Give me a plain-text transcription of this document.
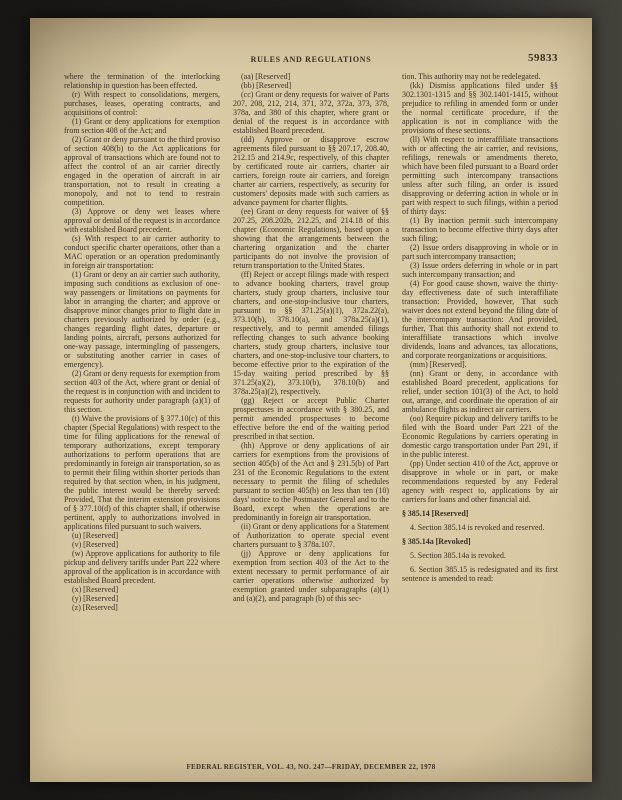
RULES AND REGULATIONS	59833

where the termination of the interlocking relationship in question has been effected.

(r) With respect to consolidations, mergers, purchases, leases, operating contracts, and acquisitions of control:

(1) Grant or deny applications for exemption from section 408 of the Act; and

(2) Grant or deny pursuant to the third proviso of section 408(b) to the Act applications for approval of transactions which are found not to affect the control of an air carrier directly engaged in the operation of aircraft in air transportation, not to result in creating a monopoly, and not to tend to restrain competition.

(3) Approve or deny wet leases where approval or denial of the request is in accordance with established Board precedent.

(s) With respect to air carrier authority to conduct specific charter operations, other than a MAC operation or an operation predominantly in foreign air transportation:

(1) Grant or deny an air carrier such authority, imposing such conditions as exclusion of one-way passengers or limitations on payments for labor in arranging the charter; and approve or disapprove minor changes prior to flight date in charters previously authorized by order (e.g., changes regarding flight dates, departure or landing points, aircraft, persons authorized for one-way passage, intermingling of passengers, or substituting another carrier in cases of emergency).

(2) Grant or deny requests for exemption from section 403 of the Act, where grant or denial of the request is in conjunction with and incident to requests for authority under paragraph (a)(1) of this section.

(t) Waive the provisions of § 377.10(c) of this chapter (Special Regulations) with respect to the time for filing applications for the renewal of temporary authorizations, except temporary authorizations to perform operations that are predominantly in foreign air transportation, so as to permit their filing within shorter periods than required by that section when, in his judgment, the public interest would be thereby served: Provided, That the interim extension provisions of § 377.10(d) of this chapter shall, if otherwise pertinent, apply to authorizations involved in applications filed pursuant to such waivers.

(u) [Reserved]

(v) [Reserved]

(w) Approve applications for authority to file pickup and delivery tariffs under Part 222 where approval of the application is in accordance with established Board precedent.

(x) [Reserved]

(y) [Reserved]

(z) [Reserved]

(aa) [Reserved]

(bb) [Reserved]

(cc) Grant or deny requests for waiver of Parts 207, 208, 212, 214, 371, 372, 372a, 373, 378, 378a, and 380 of this chapter, where grant or denial of the request is in accordance with established Board precedent.

(dd) Approve or disapprove escrow agreements filed pursuant to §§ 207.17, 208.40, 212.15 and 214.9c, respectively, of this chapter by certificated route air carriers, charter air carriers, foreign route air carriers, and foreign charter air carriers, respectively, as security for customers' deposits made with such carriers as advance payment for charter flights.

(ee) Grant or deny requests for waiver of §§ 207.25, 208.202b, 212.25, and 214.18 of this chapter (Economic Regulations), based upon a showing that the arrangements between the chartering organization and the charter participants do not involve the provision of return transportation to the United States.

(ff) Reject or accept filings made with respect to advance booking charters, travel group charters, study group charters, inclusive tour charters, and one-stop-inclusive tour charters, pursuant to §§ 371.25(a)(1), 372a.22(a), 373.10(b), 378.10(a), and 378a.25(a)(1), respectively, and to permit amended filings reflecting changes to such advance booking charters, study group charters, inclusive tour charters, and one-stop-inclusive tour charters, to become effective prior to the expiration of the 15-day waiting period prescribed by §§ 371.25(a)(2), 373.10(b), 378.10(b) and 378a.25(a)(2), respectively.

(gg) Reject or accept Public Charter prospectuses in accordance with § 380.25, and permit amended prospectuses to become effective before the end of the waiting period prescribed in that section.

(hh) Approve or deny applications of air carriers for exemptions from the provisions of section 405(b) of the Act and § 231.5(b) of Part 231 of the Economic Regulations to the extent necessary to permit the filing of schedules pursuant to section 405(b) on less than ten (10) days' notice to the Postmaster General and to the Board, except when the operations are predominantly in foreign air transportation.

(ii) Grant or deny applications for a Statement of Authorization to operate special event charters pursuant to § 378a.107.

(jj) Approve or deny applications for exemption from section 403 of the Act to the extent necessary to permit performance of air carrier operations otherwise authorized by exemption granted under subparagraphs (a)(1) and (a)(2), and paragraph (b) of this sec-

tion. This authority may not be redelegated.

(kk) Dismiss applications filed under §§ 302.1301-1315 and §§ 302.1401-1415, without prejudice to refiling in amended form or under the normal certificate procedure, if the application is not in compliance with the provisions of these sections.

(ll) With respect to interaffiliate transactions with or affecting the air carrier, and revisions, refilings, renewals or amendments thereto, which have been filed pursuant to a Board order permitting such intercompany transactions unless after such filing, an order is issued disapproving or deferring action in whole or in part with respect to such filings, within a period of thirty days:

(1) By inaction permit such intercompany transaction to become effective thirty days after such filing;

(2) Issue orders disapproving in whole or in part such intercompany transaction;

(3) Issue orders deferring in whole or in part such intercompany transaction; and

(4) For good cause shown, waive the thirty-day effectiveness date of such interaffiliate transaction: Provided, however, That such waiver does not extend beyond the filing date of the intercompany transaction: And provided, further, That this authority shall not extend to interaffiliate transactions which involve dividends, loans and advances, tax allocations, and corporate reorganizations or acquisitions.

(mm) [Reserved].

(nn) Grant or deny, in accordance with established Board precedent, applications for relief, under section 101(3) of the Act, to hold out, arrange, and coordinate the operation of air ambulance flights as indirect air carriers.

(oo) Require pickup and delivery tariffs to be filed with the Board under Part 221 of the Economic Regulations by carriers operating in domestic cargo transportation under Part 291, if in the public interest.

(pp) Under section 410 of the Act, approve or disapprove in whole or in part, or make recommendations requested by any Federal agency with respect to, applications by air carriers for loans and other financial aid.

§ 385.14 [Reserved]

4. Section 385.14 is revoked and reserved.

§ 385.14a [Revoked]

5. Section 385.14a is revoked.

6. Section 385.15 is redesignated and its first sentence is amended to read:

FEDERAL REGISTER, VOL. 43, NO. 247—FRIDAY, DECEMBER 22, 1978
